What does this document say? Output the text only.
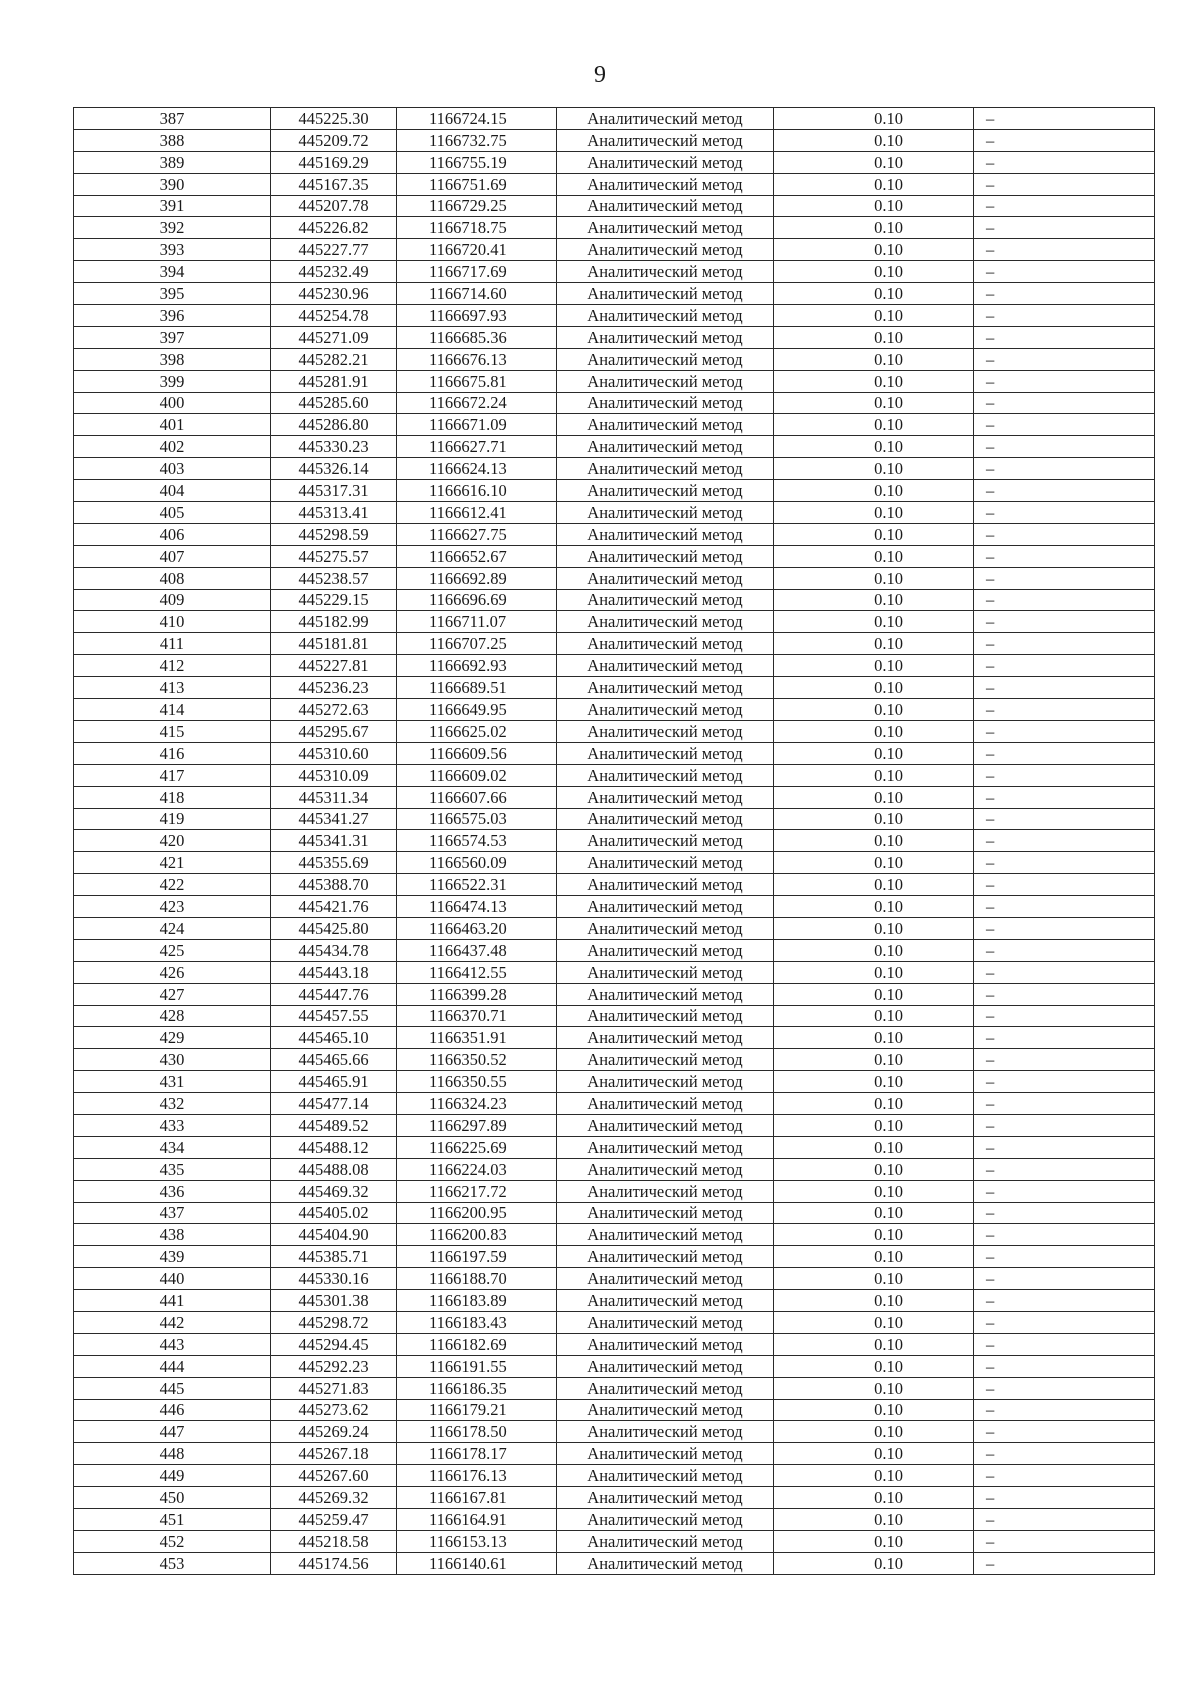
9
387	445225.30	1166724.15	Аналитический метод	0.10	–
388	445209.72	1166732.75	Аналитический метод	0.10	–
389	445169.29	1166755.19	Аналитический метод	0.10	–
390	445167.35	1166751.69	Аналитический метод	0.10	–
391	445207.78	1166729.25	Аналитический метод	0.10	–
392	445226.82	1166718.75	Аналитический метод	0.10	–
393	445227.77	1166720.41	Аналитический метод	0.10	–
394	445232.49	1166717.69	Аналитический метод	0.10	–
395	445230.96	1166714.60	Аналитический метод	0.10	–
396	445254.78	1166697.93	Аналитический метод	0.10	–
397	445271.09	1166685.36	Аналитический метод	0.10	–
398	445282.21	1166676.13	Аналитический метод	0.10	–
399	445281.91	1166675.81	Аналитический метод	0.10	–
400	445285.60	1166672.24	Аналитический метод	0.10	–
401	445286.80	1166671.09	Аналитический метод	0.10	–
402	445330.23	1166627.71	Аналитический метод	0.10	–
403	445326.14	1166624.13	Аналитический метод	0.10	–
404	445317.31	1166616.10	Аналитический метод	0.10	–
405	445313.41	1166612.41	Аналитический метод	0.10	–
406	445298.59	1166627.75	Аналитический метод	0.10	–
407	445275.57	1166652.67	Аналитический метод	0.10	–
408	445238.57	1166692.89	Аналитический метод	0.10	–
409	445229.15	1166696.69	Аналитический метод	0.10	–
410	445182.99	1166711.07	Аналитический метод	0.10	–
411	445181.81	1166707.25	Аналитический метод	0.10	–
412	445227.81	1166692.93	Аналитический метод	0.10	–
413	445236.23	1166689.51	Аналитический метод	0.10	–
414	445272.63	1166649.95	Аналитический метод	0.10	–
415	445295.67	1166625.02	Аналитический метод	0.10	–
416	445310.60	1166609.56	Аналитический метод	0.10	–
417	445310.09	1166609.02	Аналитический метод	0.10	–
418	445311.34	1166607.66	Аналитический метод	0.10	–
419	445341.27	1166575.03	Аналитический метод	0.10	–
420	445341.31	1166574.53	Аналитический метод	0.10	–
421	445355.69	1166560.09	Аналитический метод	0.10	–
422	445388.70	1166522.31	Аналитический метод	0.10	–
423	445421.76	1166474.13	Аналитический метод	0.10	–
424	445425.80	1166463.20	Аналитический метод	0.10	–
425	445434.78	1166437.48	Аналитический метод	0.10	–
426	445443.18	1166412.55	Аналитический метод	0.10	–
427	445447.76	1166399.28	Аналитический метод	0.10	–
428	445457.55	1166370.71	Аналитический метод	0.10	–
429	445465.10	1166351.91	Аналитический метод	0.10	–
430	445465.66	1166350.52	Аналитический метод	0.10	–
431	445465.91	1166350.55	Аналитический метод	0.10	–
432	445477.14	1166324.23	Аналитический метод	0.10	–
433	445489.52	1166297.89	Аналитический метод	0.10	–
434	445488.12	1166225.69	Аналитический метод	0.10	–
435	445488.08	1166224.03	Аналитический метод	0.10	–
436	445469.32	1166217.72	Аналитический метод	0.10	–
437	445405.02	1166200.95	Аналитический метод	0.10	–
438	445404.90	1166200.83	Аналитический метод	0.10	–
439	445385.71	1166197.59	Аналитический метод	0.10	–
440	445330.16	1166188.70	Аналитический метод	0.10	–
441	445301.38	1166183.89	Аналитический метод	0.10	–
442	445298.72	1166183.43	Аналитический метод	0.10	–
443	445294.45	1166182.69	Аналитический метод	0.10	–
444	445292.23	1166191.55	Аналитический метод	0.10	–
445	445271.83	1166186.35	Аналитический метод	0.10	–
446	445273.62	1166179.21	Аналитический метод	0.10	–
447	445269.24	1166178.50	Аналитический метод	0.10	–
448	445267.18	1166178.17	Аналитический метод	0.10	–
449	445267.60	1166176.13	Аналитический метод	0.10	–
450	445269.32	1166167.81	Аналитический метод	0.10	–
451	445259.47	1166164.91	Аналитический метод	0.10	–
452	445218.58	1166153.13	Аналитический метод	0.10	–
453	445174.56	1166140.61	Аналитический метод	0.10	–
